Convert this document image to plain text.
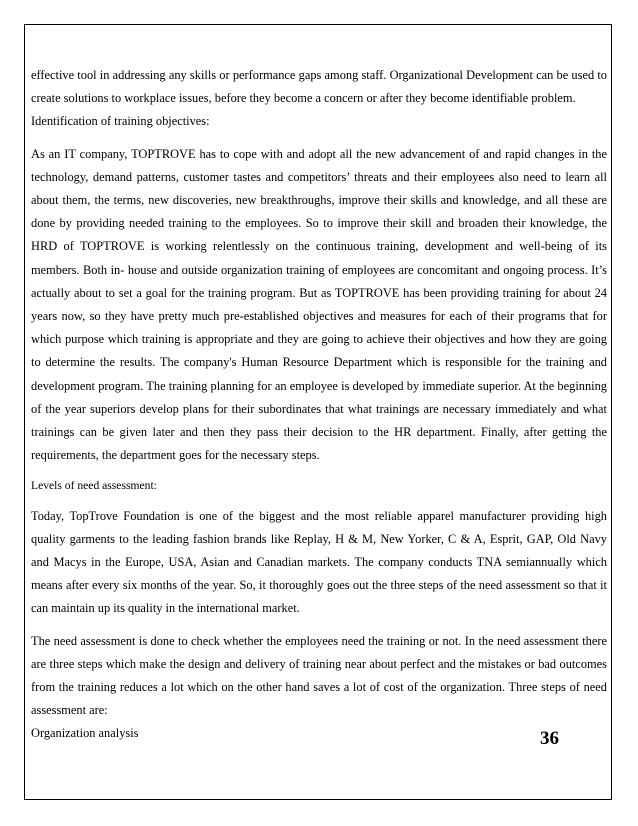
effective tool in addressing any skills or performance gaps among staff. Organizational Development can be used to
create solutions to workplace issues, before they become a concern or after they become identifiable problem.
Identification of training objectives:
As an IT company, TOPTROVE has to cope with and adopt all the new advancement of and rapid changes in the
technology, demand patterns, customer tastes and competitors’ threats and their employees also need to learn all
about them, the terms, new discoveries, new breakthroughs, improve their skills and knowledge, and all these are
done by providing needed training to the employees. So to improve their skill and broaden their knowledge, the
HRD of TOPTROVE is working relentlessly on the continuous training, development and well-being of its
members. Both in- house and outside organization training of employees are concomitant and ongoing process. It’s
actually about to set a goal for the training program. But as TOPTROVE has been providing training for about 24
years now, so they have pretty much pre-established objectives and measures for each of their programs that for
which purpose which training is appropriate and they are going to achieve their objectives and how they are going
to determine the results. The company's Human Resource Department which is responsible for the training and
development program. The training planning for an employee is developed by immediate superior. At the beginning
of the year superiors develop plans for their subordinates that what trainings are necessary immediately and what
trainings can be given later and then they pass their decision to the HR department. Finally, after getting the
requirements, the department goes for the necessary steps.
Levels of need assessment:
Today, TopTrove Foundation is one of the biggest and the most reliable apparel manufacturer providing high
quality garments to the leading fashion brands like Replay, H & M, New Yorker, C & A, Esprit, GAP, Old Navy
and Macys in the Europe, USA, Asian and Canadian markets. The company conducts TNA semiannually which
means after every six months of the year. So, it thoroughly goes out the three steps of the need assessment so that it
can maintain up its quality in the international market.
The need assessment is done to check whether the employees need the training or not. In the need assessment there
are three steps which make the design and delivery of training near about perfect and the mistakes or bad outcomes
from the training reduces a lot which on the other hand saves a lot of cost of the organization. Three steps of need
assessment are:
Organization analysis	36
